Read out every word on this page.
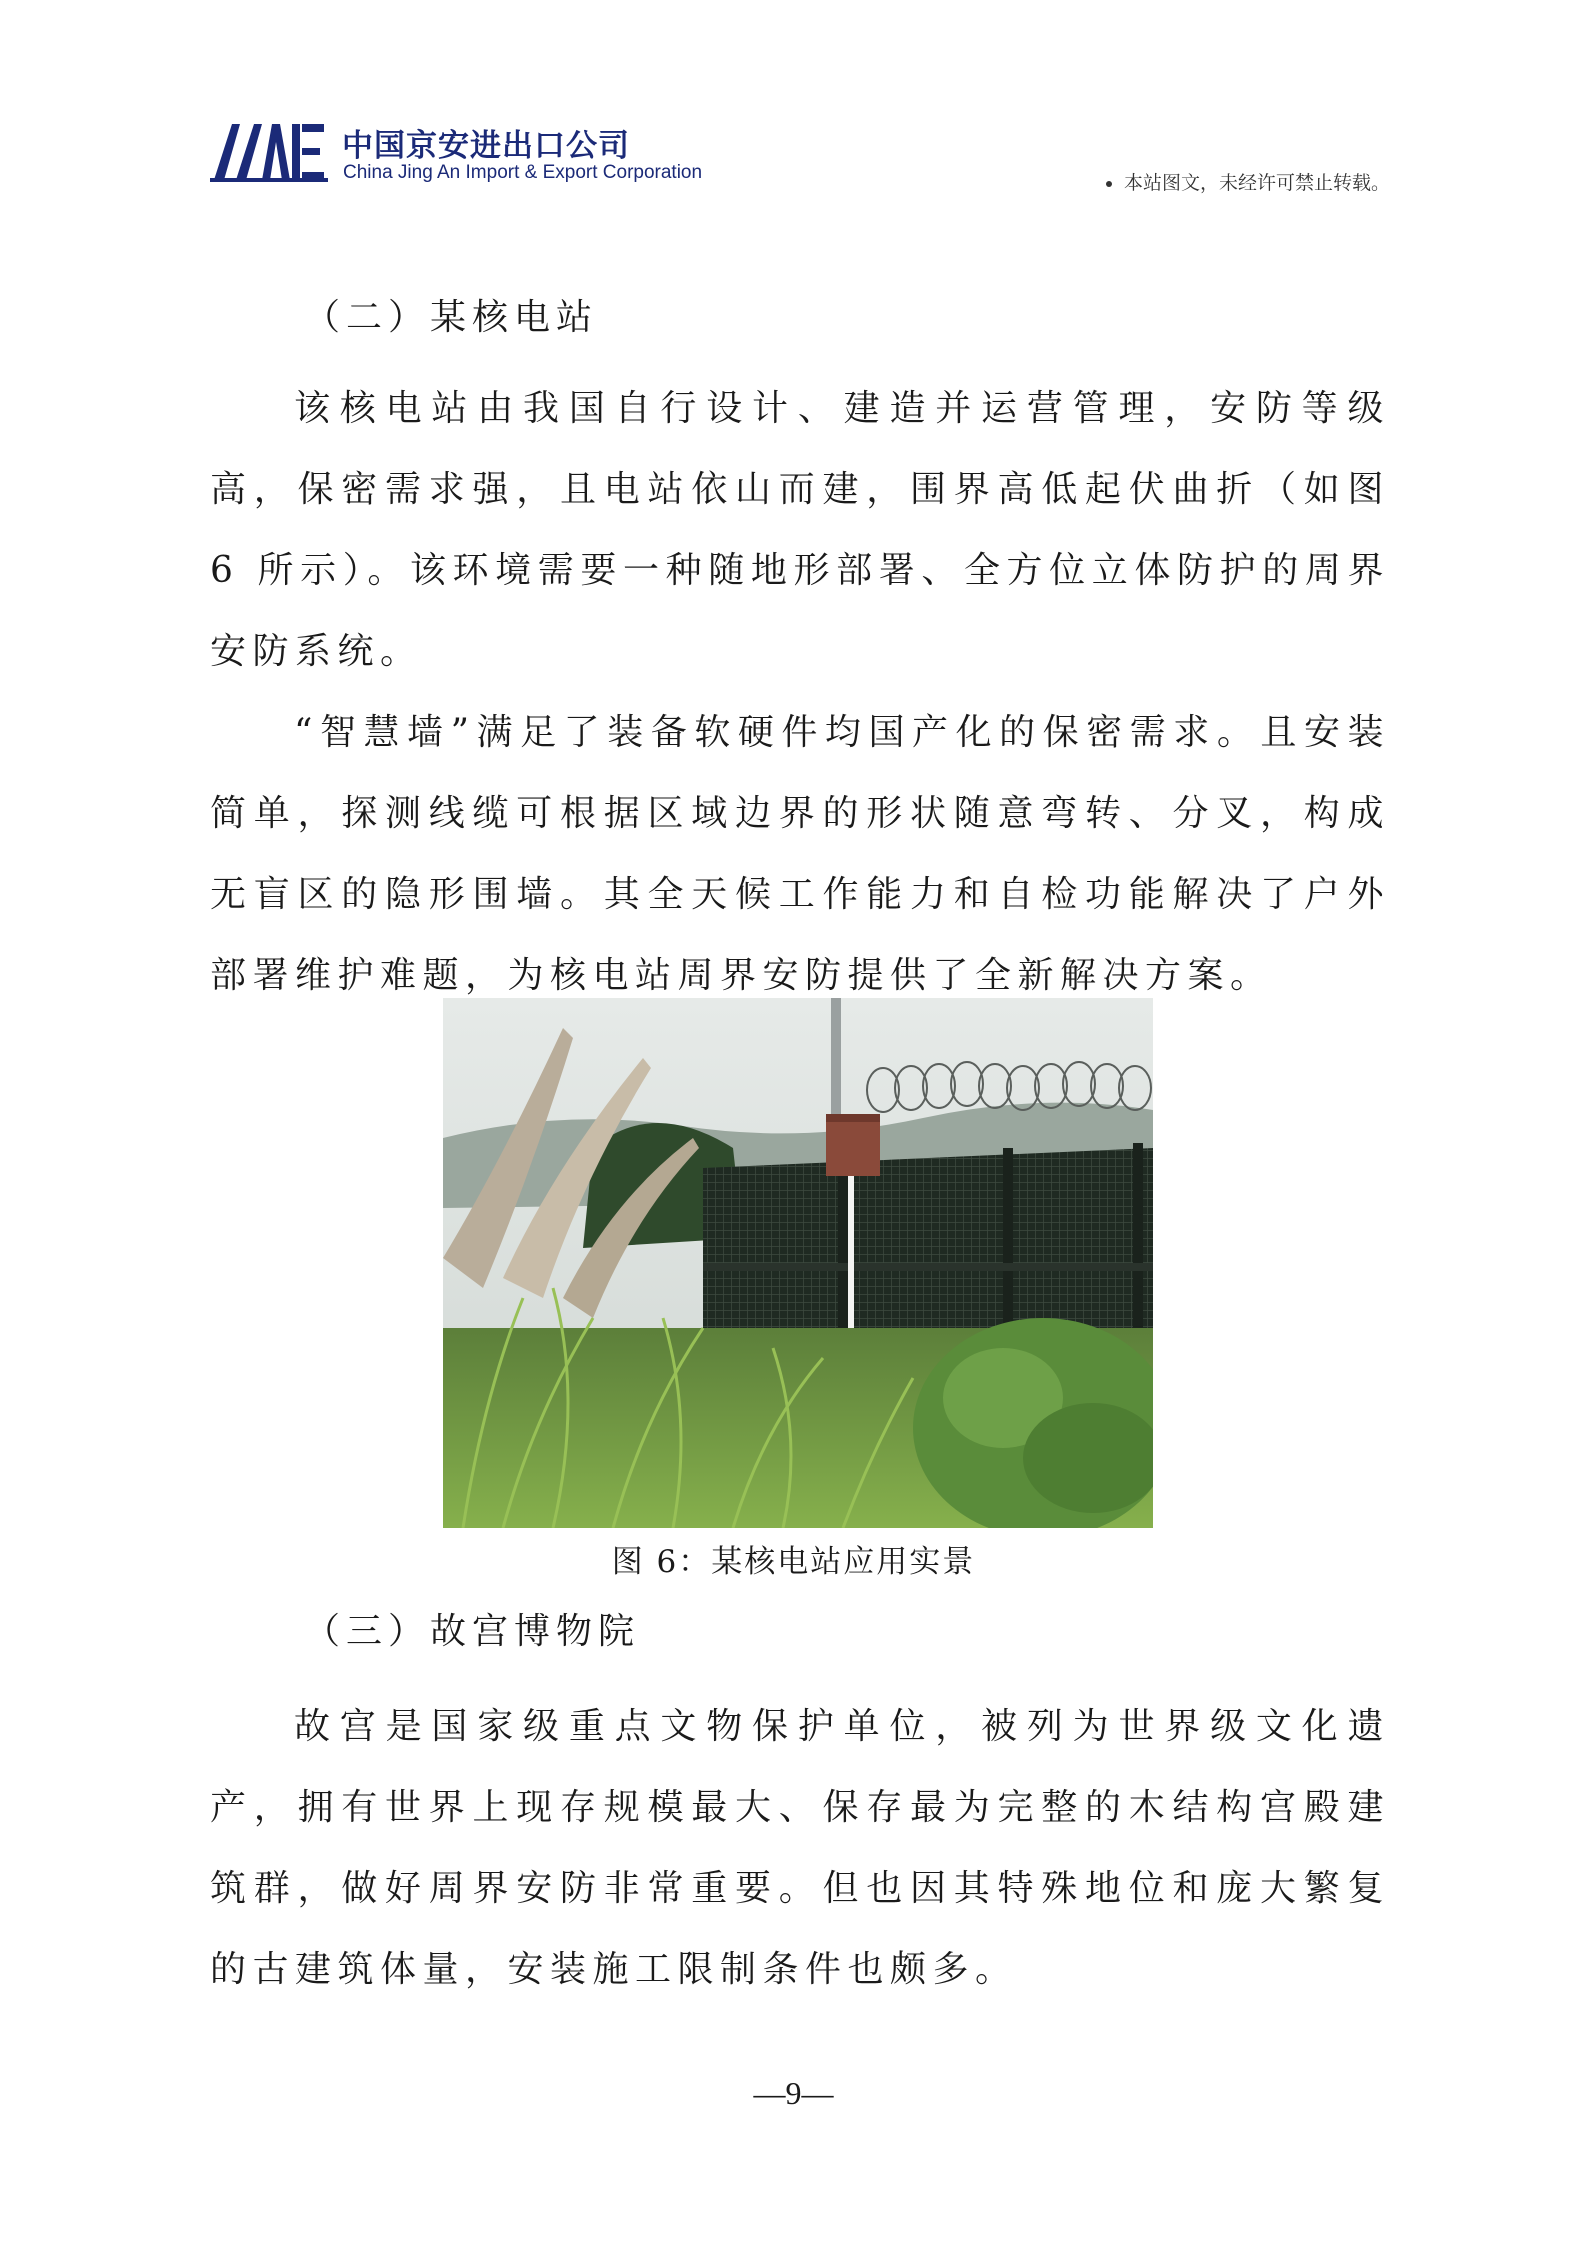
中国京安进出口公司
China Jing An Import & Export Corporation	本站图文，未经许可禁止转载。

（二）某核电站

该核电站由我国自行设计、建造并运营管理，安防等级高，保密需求强，且电站依山而建，围界高低起伏曲折（如图 6 所示）。该环境需要一种随地形部署、全方位立体防护的周界安防系统。

“智慧墙”满足了装备软硬件均国产化的保密需求。且安装简单，探测线缆可根据区域边界的形状随意弯转、分叉，构成无盲区的隐形围墙。其全天候工作能力和自检功能解决了户外部署维护难题，为核电站周界安防提供了全新解决方案。

图 6：某核电站应用实景

（三）故宫博物院

故宫是国家级重点文物保护单位，被列为世界级文化遗产，拥有世界上现存规模最大、保存最为完整的木结构宫殿建筑群，做好周界安防非常重要。但也因其特殊地位和庞大繁复的古建筑体量，安装施工限制条件也颇多。

—9—
